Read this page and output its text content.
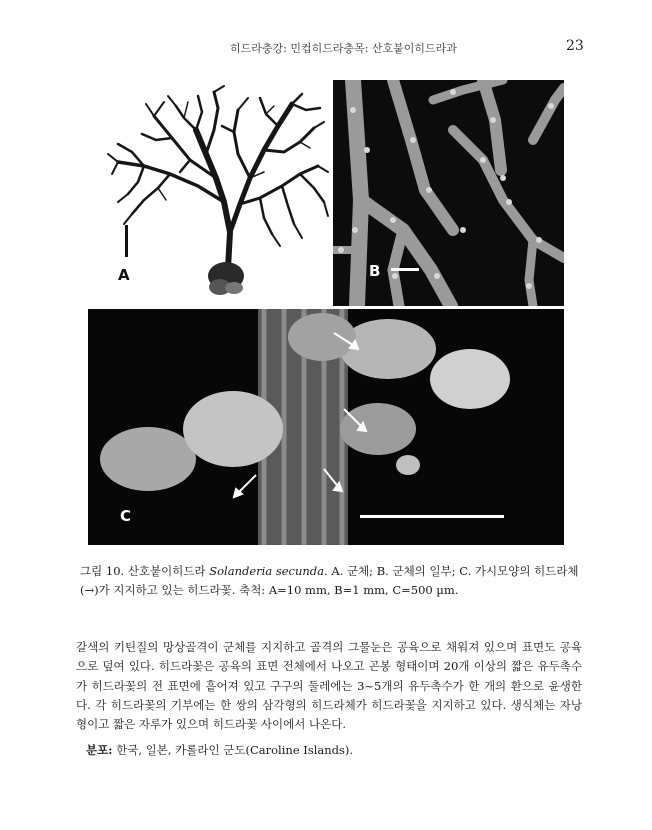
히드라충강: 민컵히드라충목: 산호붙이히드라과	23
A	B
C
그림 10. 산호붙이히드라 Solanderia secunda. A. 군체; B. 군체의 일부; C. 가시모양의 히드라체 (→)가 지지하고 있는 히드라꽃. 축척: A=10 mm, B=1 mm, C=500 µm.
갈색의 키틴질의 망상골격이 군체를 지지하고 골격의 그물눈은 공육으로 채워져 있으며 표면도 공육으로 덮여 있다. 히드라꽃은 공육의 표면 전체에서 나오고 곤봉 형태이며 20개 이상의 짧은 유두촉수가 히드라꽃의 전 표면에 흩어져 있고 구구의 둘레에는 3~5개의 유두촉수가 한 개의 환으로 윤생한다. 각 히드라꽃의 기부에는 한 쌍의 삼각형의 히드라체가 히드라꽃을 지지하고 있다. 생식체는 자낭형이고 짧은 자루가 있으며 히드라꽃 사이에서 나온다.
분포: 한국, 일본, 카롤라인 군도(Caroline Islands).
